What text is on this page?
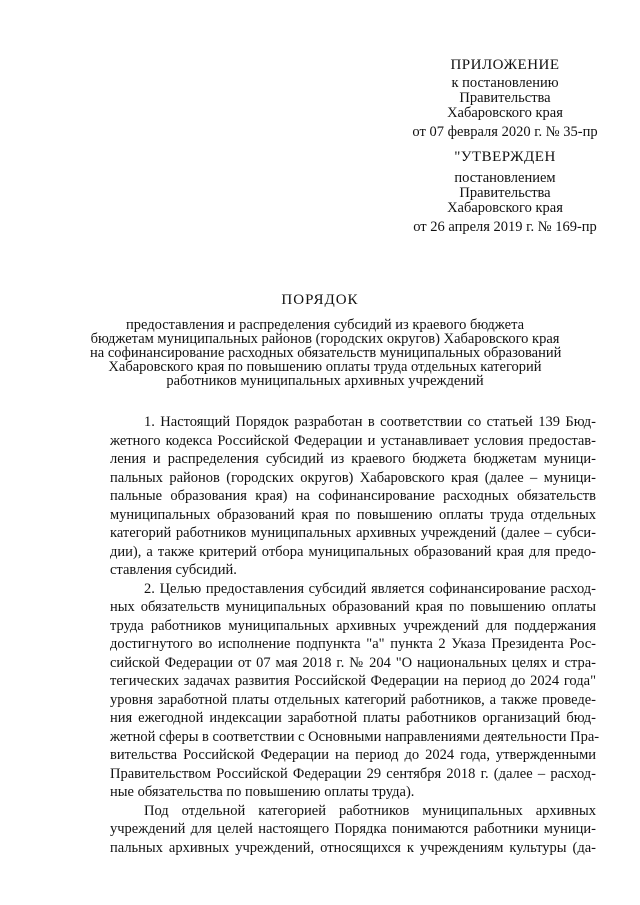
ПРИЛОЖЕНИЕ
к постановлению
Правительства
Хабаровского края
от 07 февраля 2020 г. № 35-пр
"УТВЕРЖДЕН
постановлением
Правительства
Хабаровского края
от 26 апреля 2019 г. № 169-пр
ПОРЯДОК
предоставления и распределения субсидий из краевого бюджета
бюджетам муниципальных районов (городских округов) Хабаровского края
на софинансирование расходных обязательств муниципальных образований
Хабаровского края по повышению оплаты труда отдельных категорий
работников муниципальных архивных учреждений
1. Настоящий Порядок разработан в соответствии со статьей 139 Бюд-
жетного кодекса Российской Федерации и устанавливает условия предостав-
ления и распределения субсидий из краевого бюджета бюджетам муници-
пальных районов (городских округов) Хабаровского края (далее – муници-
пальные образования края) на софинансирование расходных обязательств
муниципальных образований края по повышению оплаты труда отдельных
категорий работников муниципальных архивных учреждений (далее – субси-
дии), а также критерий отбора муниципальных образований края для предо-
ставления субсидий.
2. Целью предоставления субсидий является софинансирование расход-
ных обязательств муниципальных образований края по повышению оплаты
труда работников муниципальных архивных учреждений для поддержания
достигнутого во исполнение подпункта "а" пункта 2 Указа Президента Рос-
сийской Федерации от 07 мая 2018 г. № 204 "О национальных целях и стра-
тегических задачах развития Российской Федерации на период до 2024 года"
уровня заработной платы отдельных категорий работников, а также проведе-
ния ежегодной индексации заработной платы работников организаций бюд-
жетной сферы в соответствии с Основными направлениями деятельности Пра-
вительства Российской Федерации на период до 2024 года, утвержденными
Правительством Российской Федерации 29 сентября 2018 г. (далее – расход-
ные обязательства по повышению оплаты труда).
Под отдельной категорией работников муниципальных архивных
учреждений для целей настоящего Порядка понимаются работники муници-
пальных архивных учреждений, относящихся к учреждениям культуры (да-
